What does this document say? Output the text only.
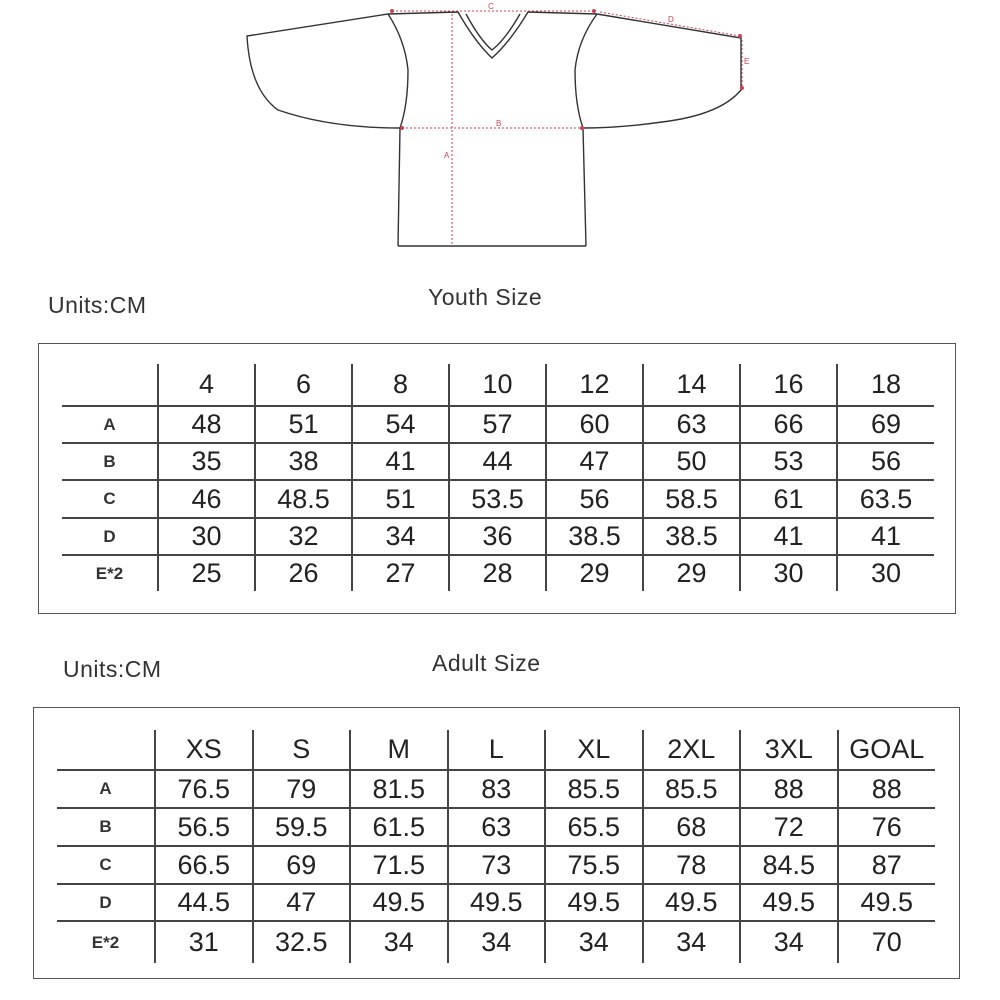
C
D
E
B
A
Units:CM	Youth Size
	4	6	8	10	12	14	16	18
A	48	51	54	57	60	63	66	69
B	35	38	41	44	47	50	53	56
C	46	48.5	51	53.5	56	58.5	61	63.5
D	30	32	34	36	38.5	38.5	41	41
E*2	25	26	27	28	29	29	30	30
Units:CM	Adult Size
	XS	S	M	L	XL	2XL	3XL	GOAL
A	76.5	79	81.5	83	85.5	85.5	88	88
B	56.5	59.5	61.5	63	65.5	68	72	76
C	66.5	69	71.5	73	75.5	78	84.5	87
D	44.5	47	49.5	49.5	49.5	49.5	49.5	49.5
E*2	31	32.5	34	34	34	34	34	70
